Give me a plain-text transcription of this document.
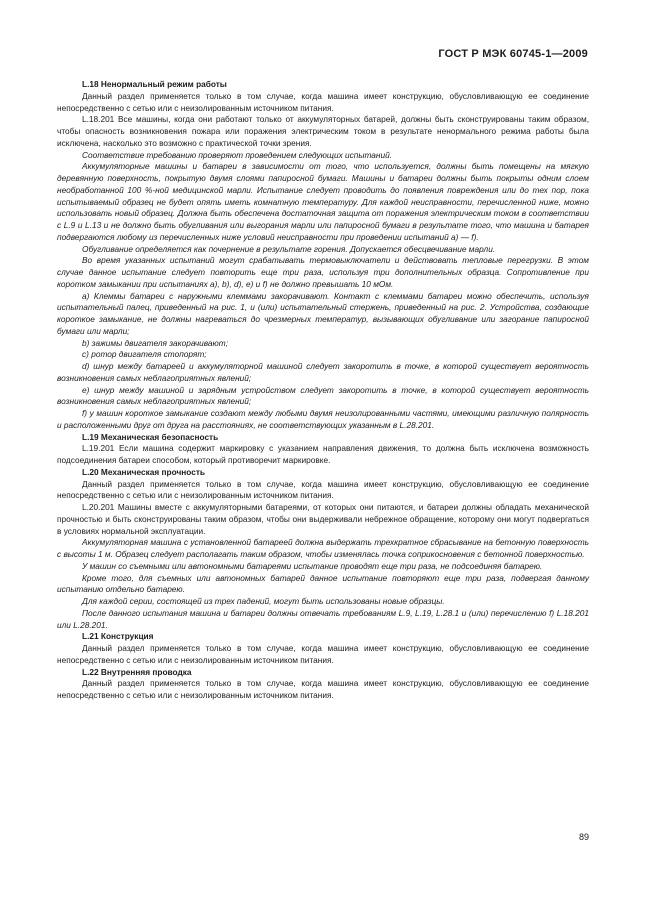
ГОСТ Р МЭК 60745-1—2009

L.18 Ненормальный режим работы

Данный раздел применяется только в том случае, когда машина имеет конструкцию, обусловливающую ее соединение непосредственно с сетью или с неизолированным источником питания.

L.18.201 Все машины, когда они работают только от аккумуляторных батарей, должны быть сконструированы таким образом, чтобы опасность возникновения пожара или поражения электрическим током в результате ненормального режима работы была исключена, насколько это возможно с практической точки зрения.

Соответствие требованию проверяют проведением следующих испытаний.

Аккумуляторные машины и батареи в зависимости от того, что используется, должны быть помещены на мягкую деревянную поверхность, покрытую двумя слоями папиросной бумаги. Машины и батареи должны быть покрыты одним слоем необработанной 100 %-ной медицинской марли. Испытание следует проводить до появления повреждения или до тех пор, пока испытываемый образец не будет опять иметь комнатную температуру. Для каждой неисправности, перечисленной ниже, можно использовать новый образец. Должна быть обеспечена достаточная защита от поражения электрическим током в соответствии с L.9 и L.13 и не должно быть обугливания или выгорания марли или папиросной бумаги в результате того, что машина и батарея подвергаются любому из перечисленных ниже условий неисправности при проведении испытаний а) — f).

Обугливание определяется как почернение в результате горения. Допускается обесцвечивание марли.

Во время указанных испытаний могут срабатывать термовыключатели и действовать тепловые перегрузки. В этом случае данное испытание следует повторить еще три раза, используя три дополнительных образца. Сопротивление при коротком замыкании при испытаниях а), b), d), e) и f) не должно превышать 10 мОм.

a) Клеммы батареи с наружными клеммами закорачивают. Контакт с клеммами батареи можно обеспечить, используя испытательный палец, приведенный на рис. 1, и (или) испытательный стержень, приведенный на рис. 2. Устройства, создающие короткое замыкание, не должны нагреваться до чрезмерных температур, вызывающих обугливание или загорание папиросной бумаги или марли;

b) зажимы двигателя закорачивают;

c) ротор двигателя стопорят;

d) шнур между батареей и аккумуляторной машиной следует закоротить в точке, в которой существует вероятность возникновения самых неблагоприятных явлений;

e) шнур между машиной и зарядным устройством следует закоротить в точке, в которой существует вероятность возникновения самых неблагоприятных явлений;

f) у машин короткое замыкание создают между любыми двумя неизолированными частями, имеющими различную полярность и расположенными друг от друга на расстояниях, не соответствующих указанным в L.28.201.

L.19 Механическая безопасность

L.19.201 Если машина содержит маркировку с указанием направления движения, то должна быть исключена возможность подсоединения батареи способом, который противоречит маркировке.

L.20 Механическая прочность

Данный раздел применяется только в том случае, когда машина имеет конструкцию, обусловливающую ее соединение непосредственно с сетью или с неизолированным источником питания.

L.20.201 Машины вместе с аккумуляторными батареями, от которых они питаются, и батареи должны обладать механической прочностью и быть сконструированы таким образом, чтобы они выдерживали небрежное обращение, которому они могут подвергаться в условиях нормальной эксплуатации.

Аккумуляторная машина с установленной батареей должна выдержать трехкратное сбрасывание на бетонную поверхность с высоты 1 м. Образец следует располагать таким образом, чтобы изменялась точка соприкосновения с бетонной поверхностью.

У машин со съемными или автономными батареями испытание проводят еще три раза, не подсоединяя батарею.

Кроме того, для съемных или автономных батарей данное испытание повторяют еще три раза, подвергая данному испытанию отдельно батарею.

Для каждой серии, состоящей из трех падений, могут быть использованы новые образцы.

После данного испытания машина и батареи должны отвечать требованиям L.9, L.19, L.28.1 и (или) перечислению f) L.18.201 или L.28.201.

L.21 Конструкция

Данный раздел применяется только в том случае, когда машина имеет конструкцию, обусловливающую ее соединение непосредственно с сетью или с неизолированным источником питания.

L.22 Внутренняя проводка

Данный раздел применяется только в том случае, когда машина имеет конструкцию, обусловливающую ее соединение непосредственно с сетью или с неизолированным источником питания.

89
